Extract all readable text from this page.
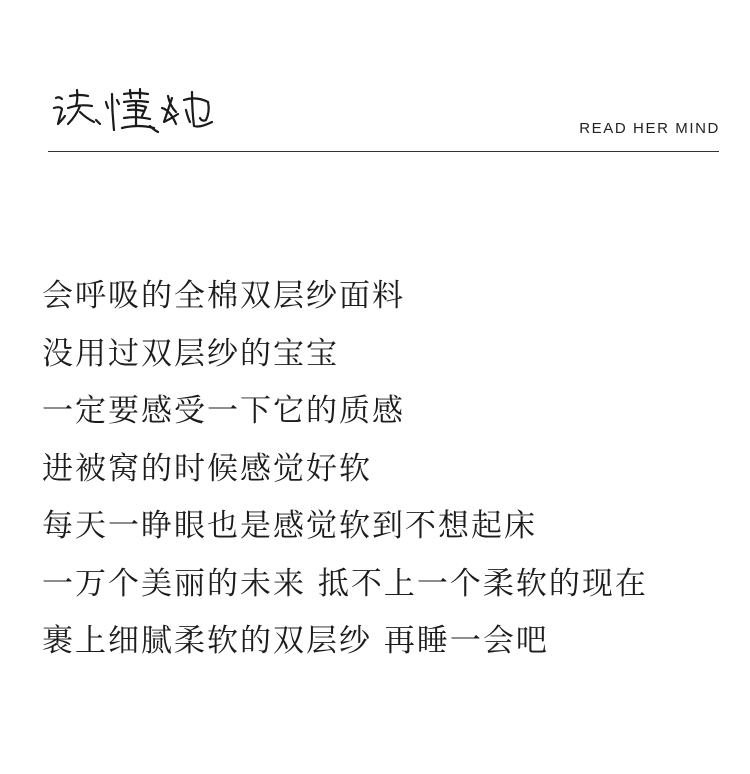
READ HER MIND
会呼吸的全棉双层纱面料
没用过双层纱的宝宝
一定要感受一下它的质感
进被窝的时候感觉好软
每天一睁眼也是感觉软到不想起床
一万个美丽的未来 抵不上一个柔软的现在
裹上细腻柔软的双层纱 再睡一会吧
